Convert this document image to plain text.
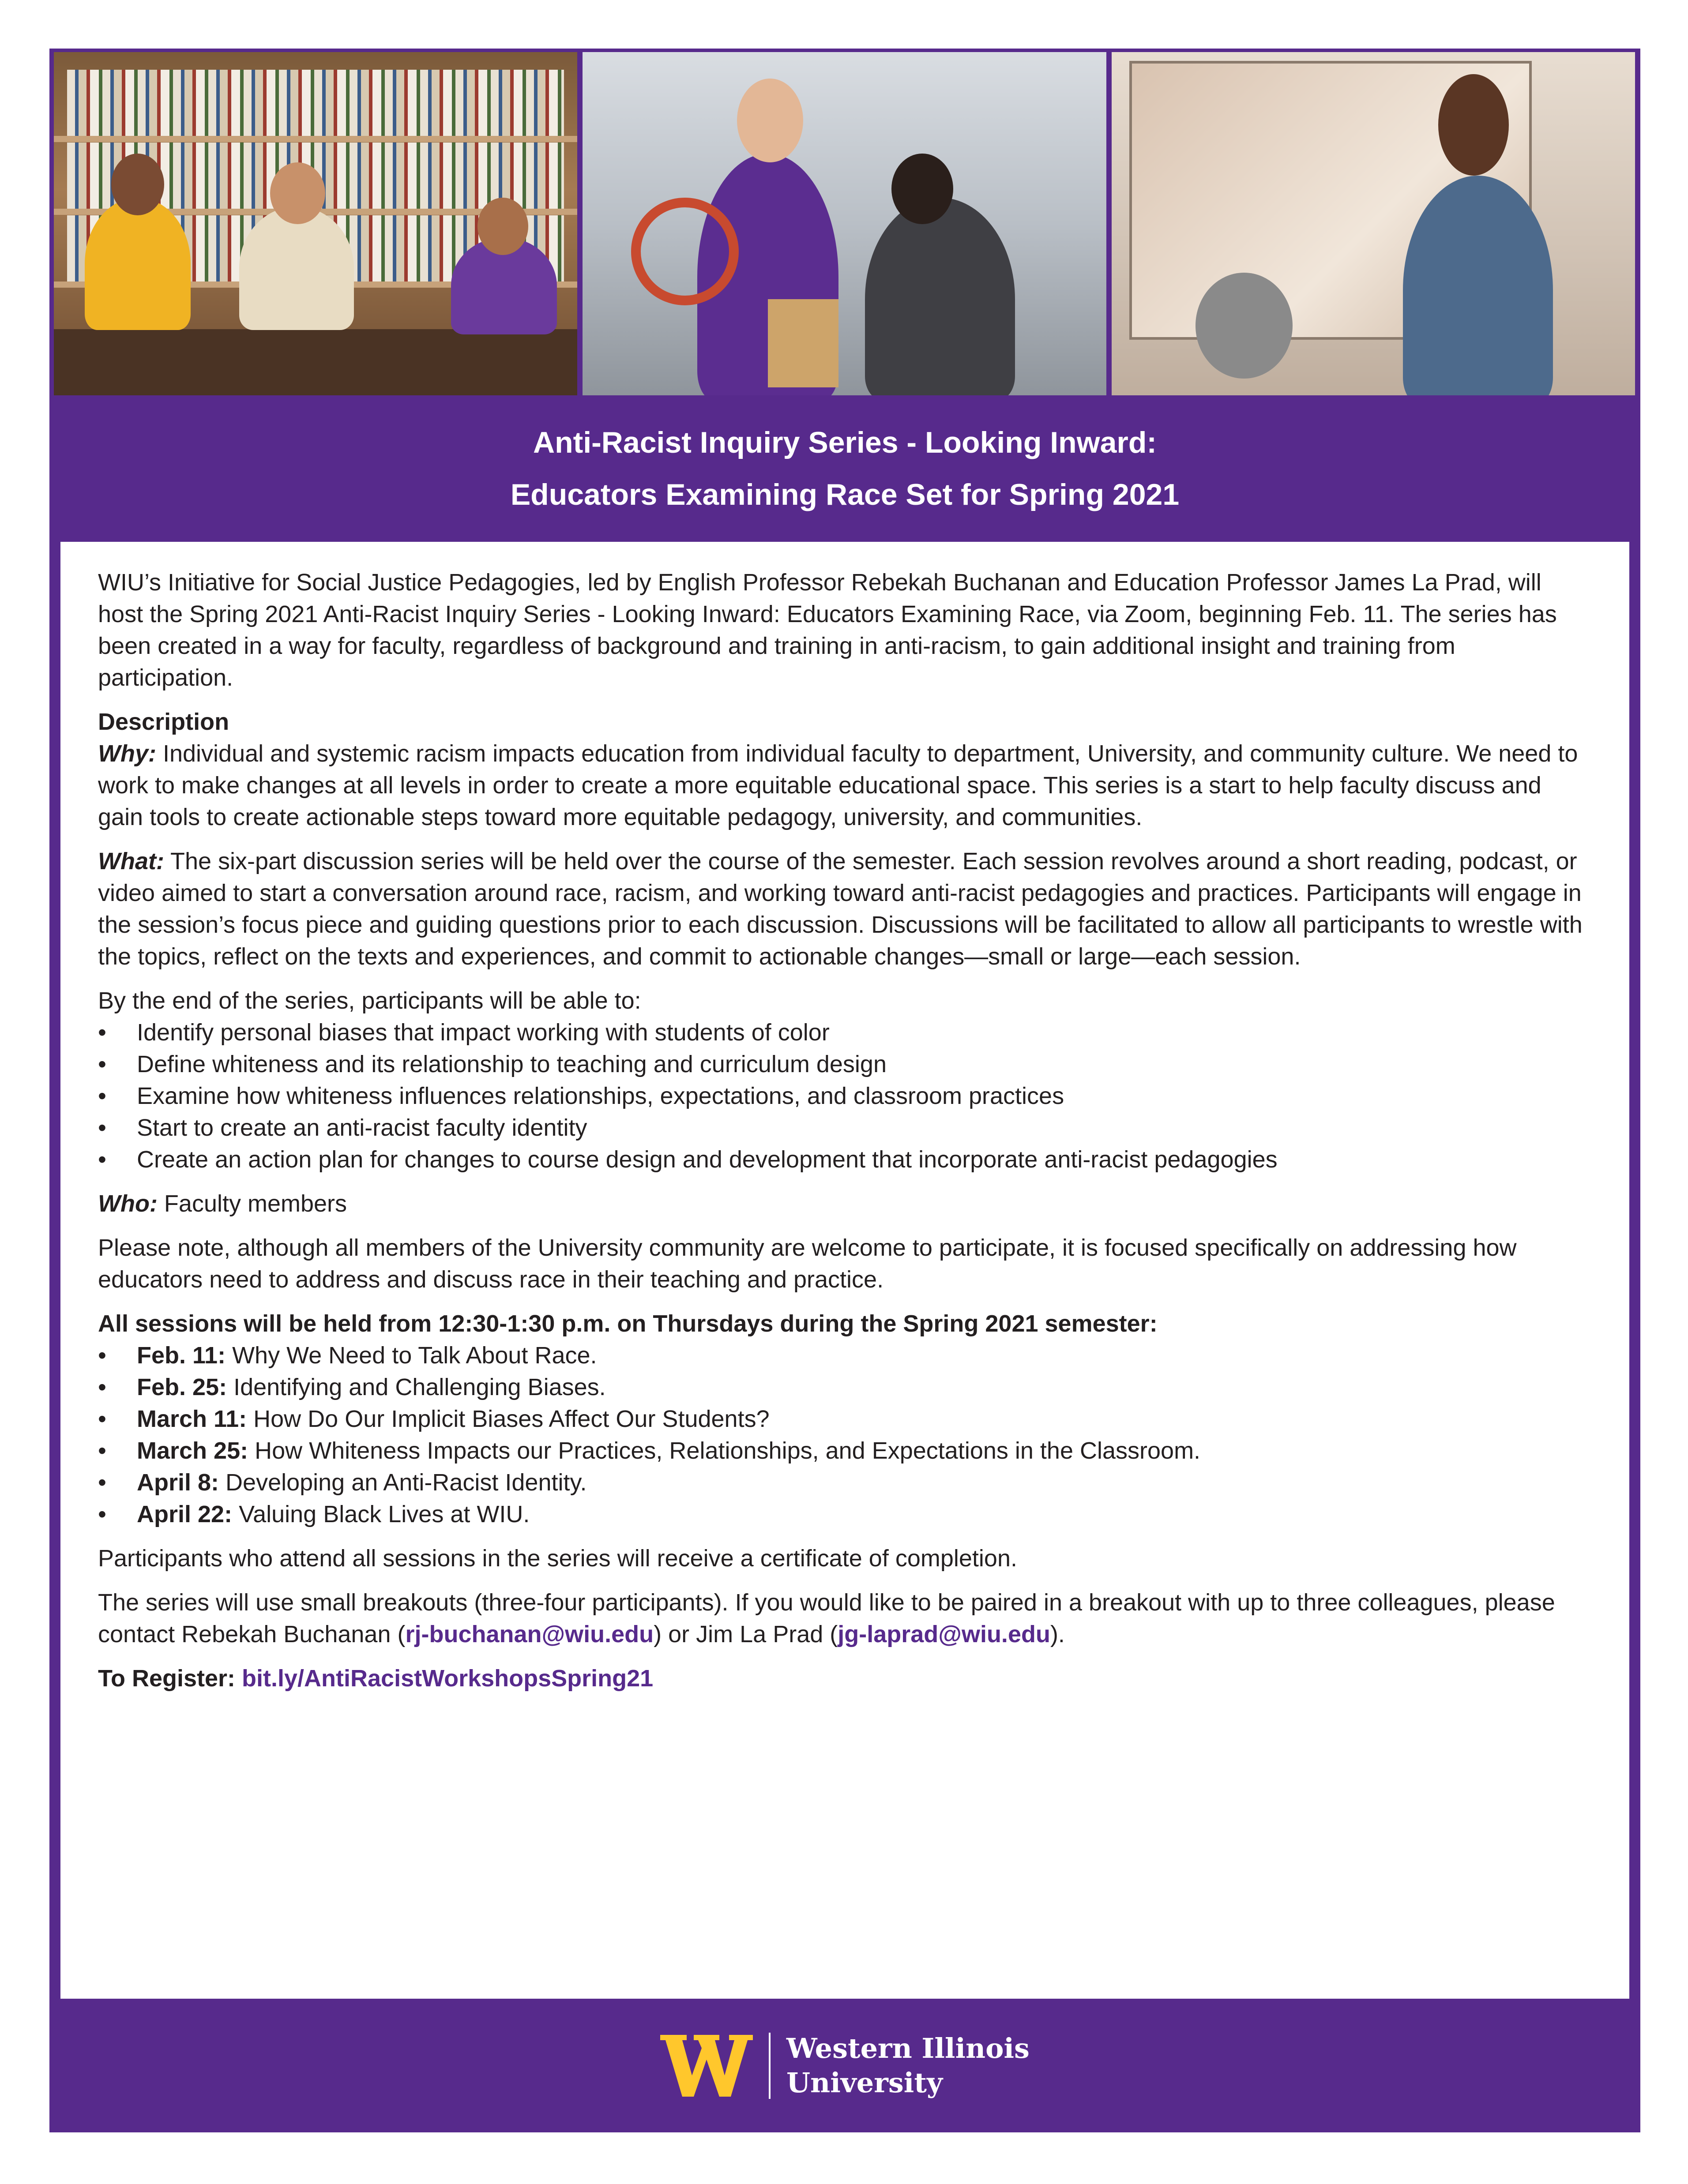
Anti-Racist Inquiry Series - Looking Inward:
Educators Examining Race Set for Spring 2021

WIU’s Initiative for Social Justice Pedagogies, led by English Professor Rebekah Buchanan and Education Professor James La Prad, will host the Spring 2021 Anti-Racist Inquiry Series - Looking Inward: Educators Examining Race, via Zoom, beginning Feb. 11. The series has been created in a way for faculty, regardless of background and training in anti-racism, to gain additional insight and training from participation.

Description

Why: Individual and systemic racism impacts education from individual faculty to department, University, and community culture. We need to work to make changes at all levels in order to create a more equitable educational space. This series is a start to help faculty discuss and gain tools to create actionable steps toward more equitable pedagogy, university, and communities.

What: The six-part discussion series will be held over the course of the semester. Each session revolves around a short reading, podcast, or video aimed to start a conversation around race, racism, and working toward anti-racist pedagogies and practices. Participants will engage in the session’s focus piece and guiding questions prior to each discussion. Discussions will be facilitated to allow all participants to wrestle with the topics, reflect on the texts and experiences, and commit to actionable changes—small or large—each session.

By the end of the series, participants will be able to:

• Identify personal biases that impact working with students of color
• Define whiteness and its relationship to teaching and curriculum design
• Examine how whiteness influences relationships, expectations, and classroom practices
• Start to create an anti-racist faculty identity
• Create an action plan for changes to course design and development that incorporate anti-racist pedagogies

Who: Faculty members

Please note, although all members of the University community are welcome to participate, it is focused specifically on addressing how educators need to address and discuss race in their teaching and practice.

All sessions will be held from 12:30-1:30 p.m. on Thursdays during the Spring 2021 semester:

• Feb. 11: Why We Need to Talk About Race.
• Feb. 25: Identifying and Challenging Biases.
• March 11: How Do Our Implicit Biases Affect Our Students?
• March 25: How Whiteness Impacts our Practices, Relationships, and Expectations in the Classroom.
• April 8: Developing an Anti-Racist Identity.
• April 22: Valuing Black Lives at WIU.

Participants who attend all sessions in the series will receive a certificate of completion.

The series will use small breakouts (three-four participants). If you would like to be paired in a breakout with up to three colleagues, please contact Rebekah Buchanan (rj-buchanan@wiu.edu) or Jim La Prad (jg-laprad@wiu.edu).

To Register: bit.ly/AntiRacistWorkshopsSpring21

Western Illinois
University
